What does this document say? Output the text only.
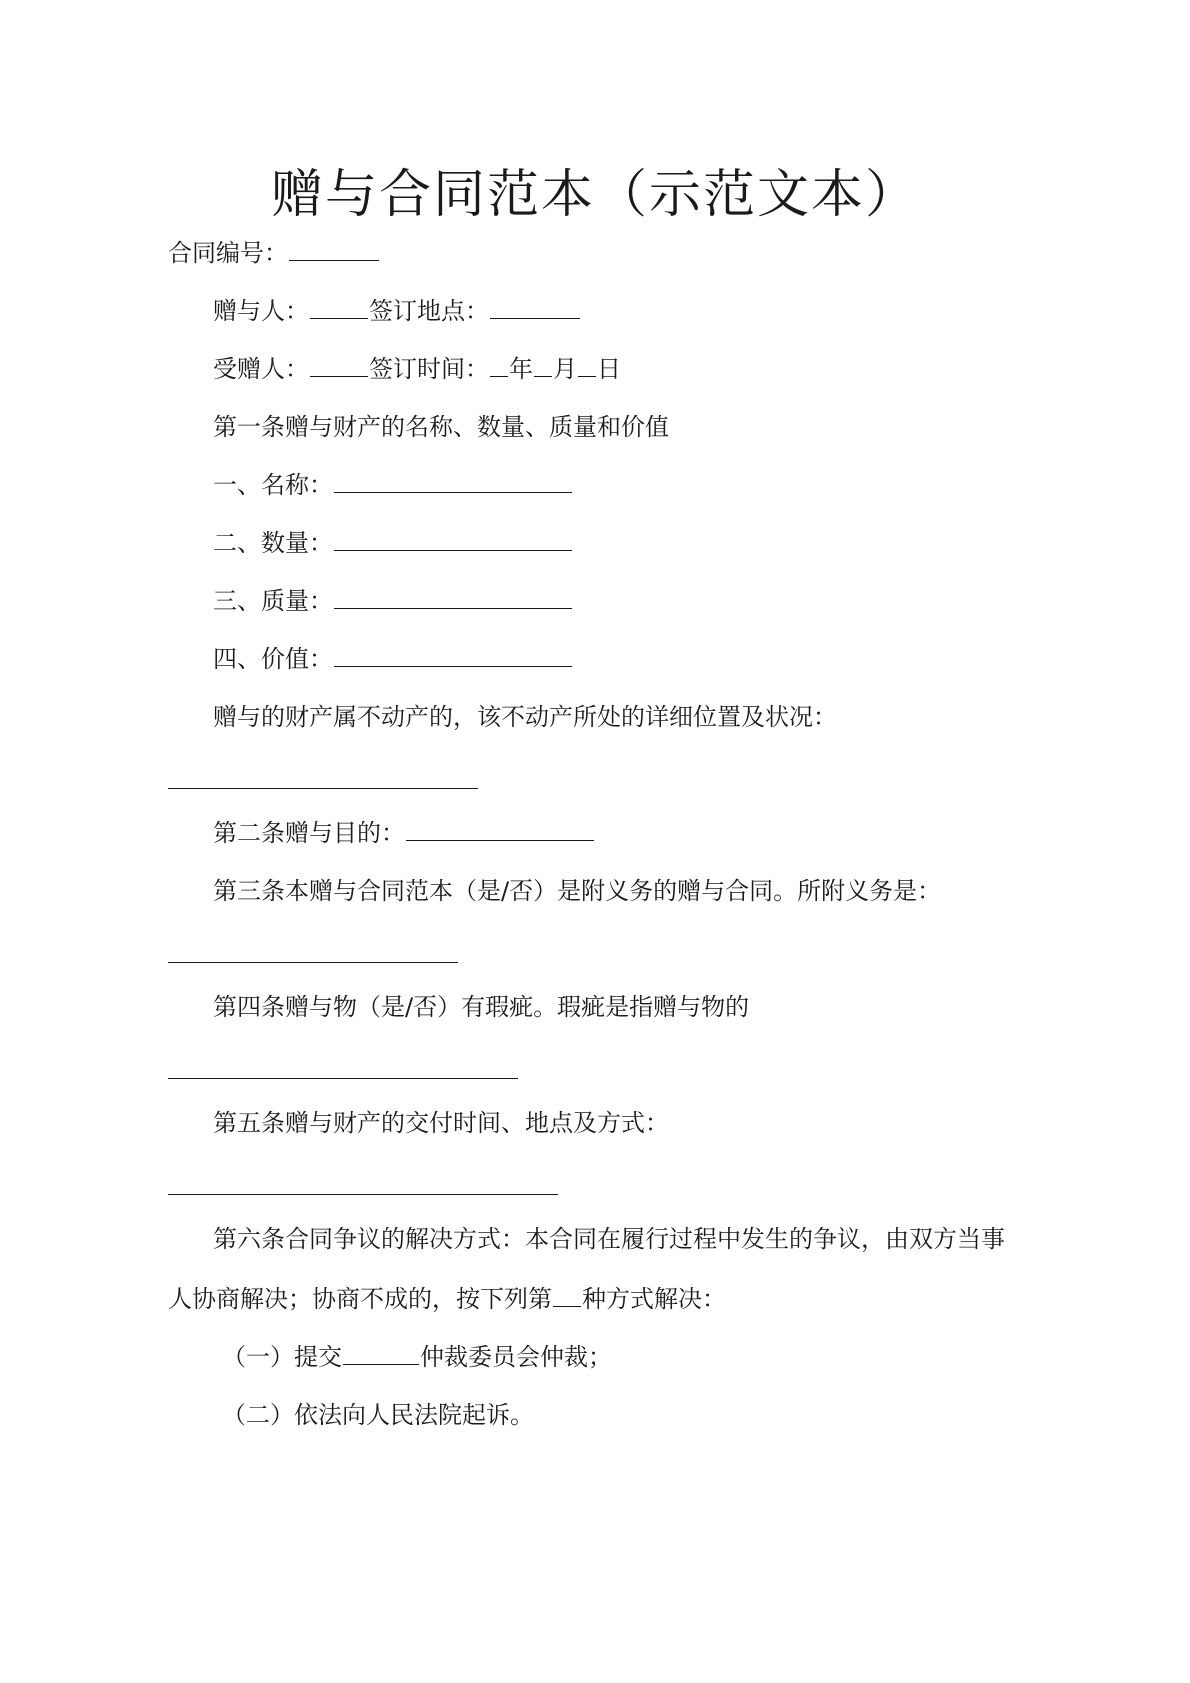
赠与合同范本（示范文本）
合同编号：
赠与人：	签订地点：
受赠人：	签订时间： 年 月 日
第一条赠与财产的名称、数量、质量和价值
一、名称：
二、数量：
三、质量：
四、价值：
赠与的财产属不动产的，该不动产所处的详细位置及状况：
第二条赠与目的：
第三条本赠与合同范本（是/否）是附义务的赠与合同。所附义务是：
第四条赠与物（是/否）有瑕疵。瑕疵是指赠与物的
第五条赠与财产的交付时间、地点及方式：
第六条合同争议的解决方式：本合同在履行过程中发生的争议，由双方当事
人协商解决；协商不成的，按下列第 种方式解决：
（一）提交	仲裁委员会仲裁；
（二）依法向人民法院起诉。
